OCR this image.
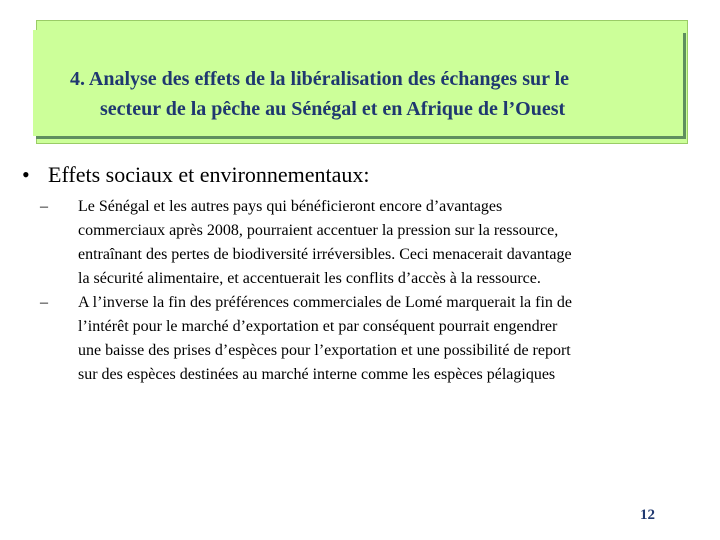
4. Analyse des effets de la libéralisation des échanges sur le
secteur de la pêche au Sénégal et en Afrique de l’Ouest
• Effets sociaux et environnementaux:
–	Le Sénégal et les autres pays qui bénéficieront encore d’avantages
commerciaux après 2008, pourraient accentuer la pression sur la ressource,
entraînant des pertes de biodiversité irréversibles. Ceci menacerait davantage
la sécurité alimentaire, et accentuerait les conflits d’accès à la ressource.
–	A l’inverse la fin des préférences commerciales de Lomé marquerait la fin de
l’intérêt pour le marché d’exportation et par conséquent pourrait engendrer
une baisse des prises d’espèces pour l’exportation et une possibilité de report
sur des espèces destinées au marché interne comme les espèces pélagiques
12
